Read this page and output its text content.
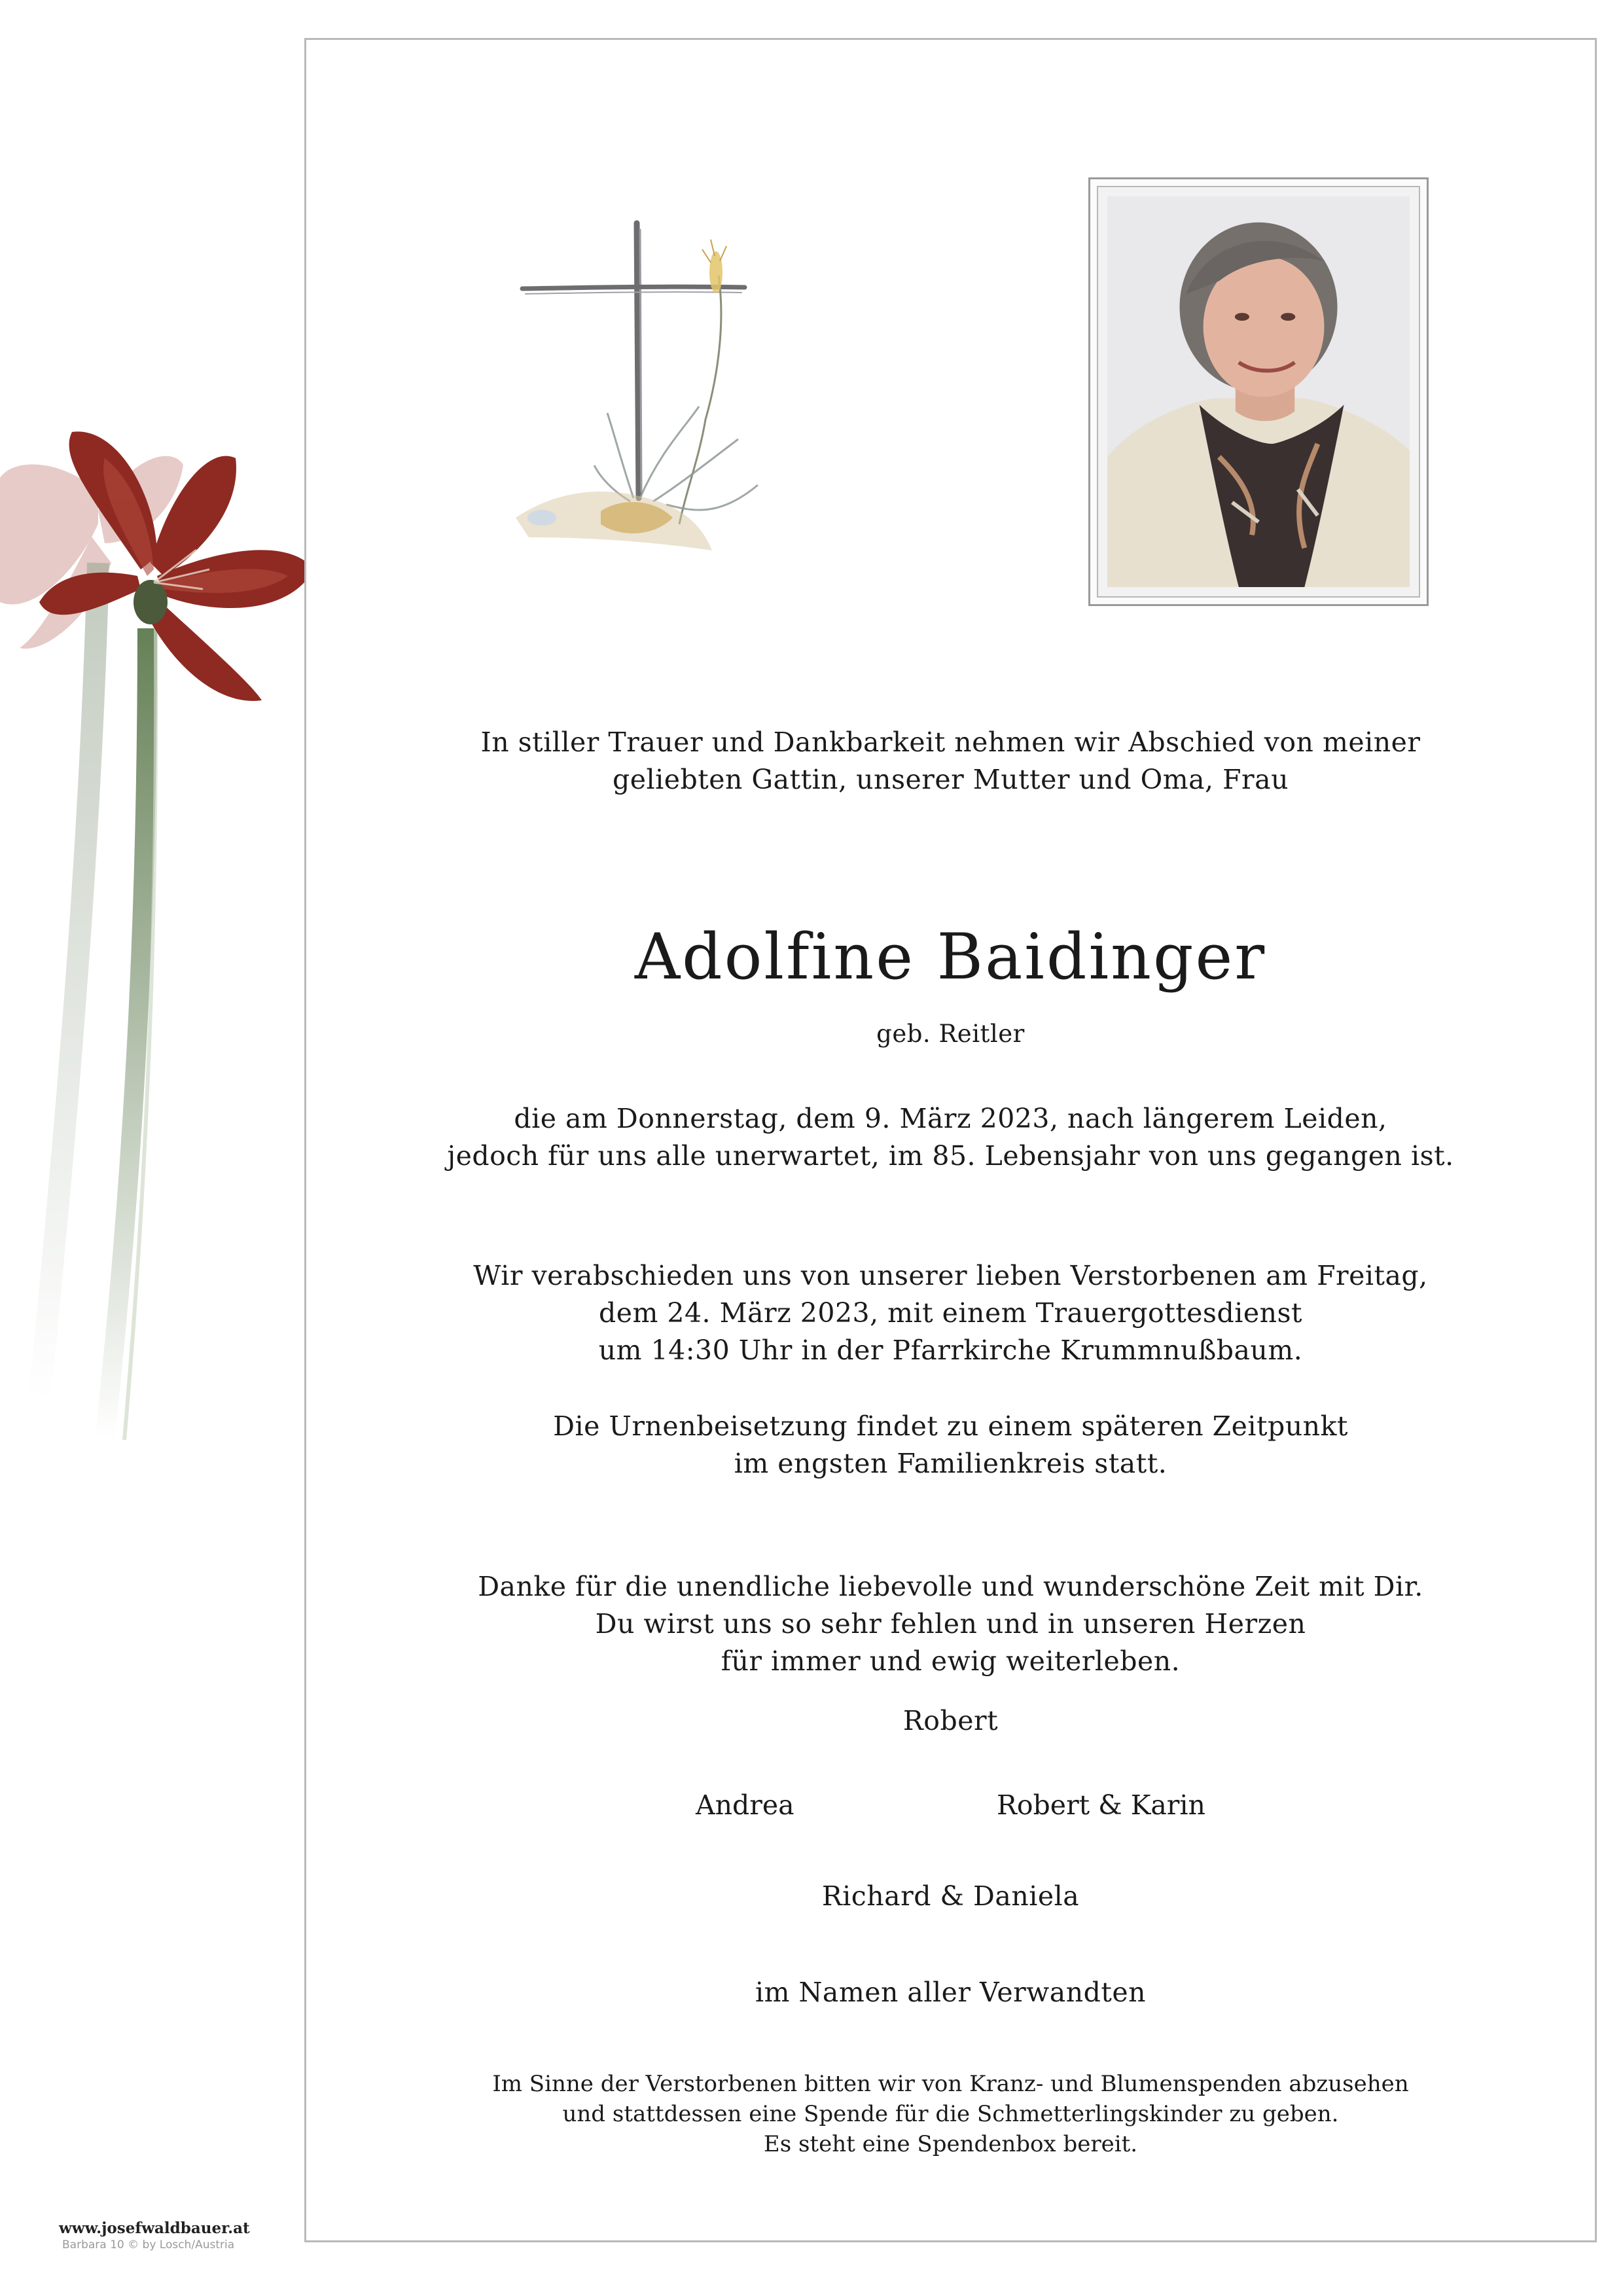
In stiller Trauer und Dankbarkeit nehmen wir Abschied von meiner
geliebten Gattin, unserer Mutter und Oma, Frau
Adolfine Baidinger
geb. Reitler
die am Donnerstag, dem 9. März 2023, nach längerem Leiden,
jedoch für uns alle unerwartet, im 85. Lebensjahr von uns gegangen ist.
Wir verabschieden uns von unserer lieben Verstorbenen am Freitag,
dem 24. März 2023, mit einem Trauergottesdienst
um 14:30 Uhr in der Pfarrkirche Krummnußbaum.
Die Urnenbeisetzung findet zu einem späteren Zeitpunkt
im engsten Familienkreis statt.
Danke für die unendliche liebevolle und wunderschöne Zeit mit Dir.
Du wirst uns so sehr fehlen und in unseren Herzen
für immer und ewig weiterleben.
Robert
Andrea	Robert & Karin
Richard & Daniela
im Namen aller Verwandten
Im Sinne der Verstorbenen bitten wir von Kranz- und Blumenspenden abzusehen
und stattdessen eine Spende für die Schmetterlingskinder zu geben.
Es steht eine Spendenbox bereit.
www.josefwaldbauer.at
Barbara 10 © by Losch/Austria
